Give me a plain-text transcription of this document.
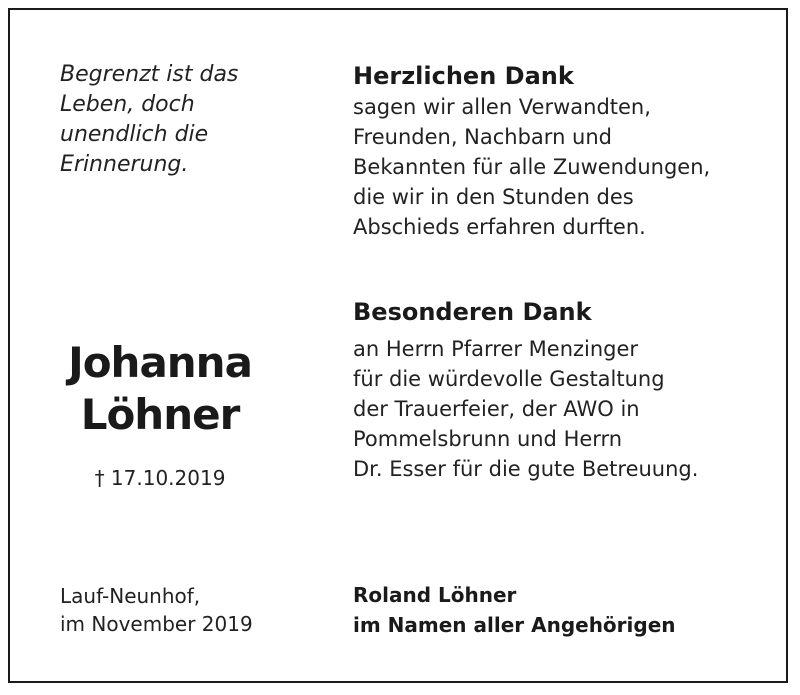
Begrenzt ist das
Leben, doch
unendlich die
Erinnerung.
Johanna
Löhner
† 17.10.2019
Lauf-Neunhof,
im November 2019

Herzlichen Dank

sagen wir allen Verwandten,
Freunden, Nachbarn und
Bekannten für alle Zuwendungen,
die wir in den Stunden des
Abschieds erfahren durften.

Besonderen Dank

an Herrn Pfarrer Menzinger
für die würdevolle Gestaltung
der Trauerfeier, der AWO in
Pommelsbrunn und Herrn
Dr. Esser für die gute Betreuung.
Roland Löhner
im Namen aller Angehörigen
